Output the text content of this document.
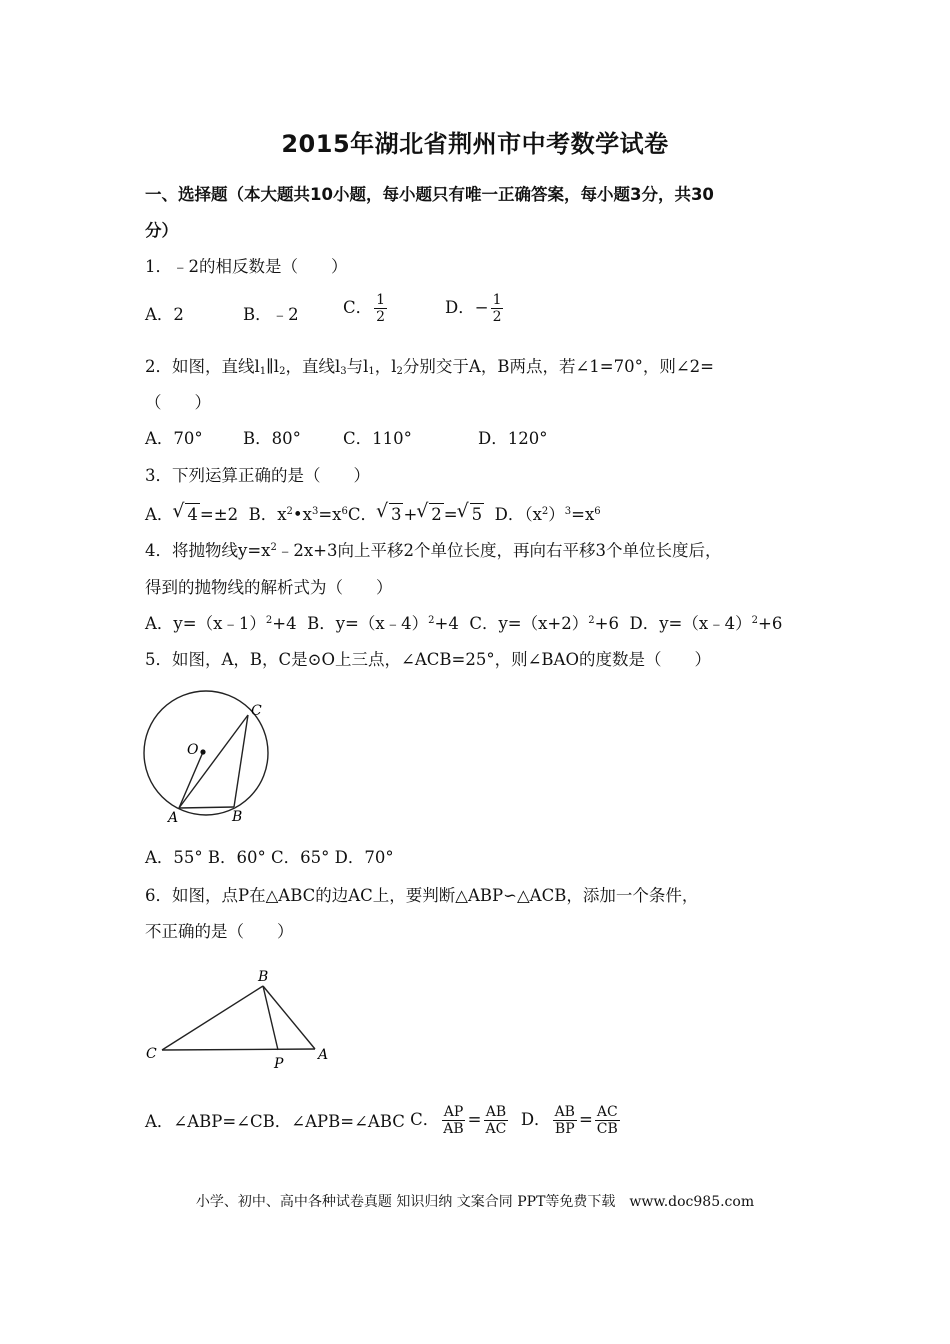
2015年湖北省荆州市中考数学试卷
一、选择题（本大题共10小题，每小题只有唯一正确答案，每小题3分，共30
分）
1．﹣2的相反数是（　　）
A．2	B．﹣2	C． $\frac{1}{2}$	D．− $\frac{1}{2}$
2．如图，直线$l_1\parallel l_2$，直线$l_3$与$l_1$，$l_2$分别交于A，B两点，若∠1=70°，则∠2=
（　　）
A．70° B．80°	C．110°	D．120°
3．下列运算正确的是（　　）
A． √ 4 =±2 B．$x^2•x^3=x^6C$． √ 3 + √ 2 = √ 5 D．$(x^2)^3=x^6$
4．将抛物线$y=x^2﹣2x+3$向上平移2个单位长度，再向右平移3个单位长度后，
得到的抛物线的解析式为（　　）
A．y=（x﹣1）$^2$+4 B．y=（x﹣4）$^2$+4 C．$y=(x+2)^2+6$ D．y=（x﹣4）$^2$+6
5．如图，A，B，C是⊙O上三点，∠ACB=25°，则∠BAO的度数是（　　）
O
A	B
C
A．55° B．60° C．65° D．70°
6．如图，点P在△ABC的边AC上，要判断△ABP∽△ACB，添加一个条件，
不正确的是（　　）
B
C
P
A
A．∠ABP=∠CB．∠APB=∠ABC C． $\frac{AP}{AB} = \frac{AB}{AC}$ D． $\frac{AB}{BP} = \frac{AC}{CB}$
小学、初中、高中各种试卷真题 知识归纳 文案合同 PPT等免费下载　www.doc985.com
